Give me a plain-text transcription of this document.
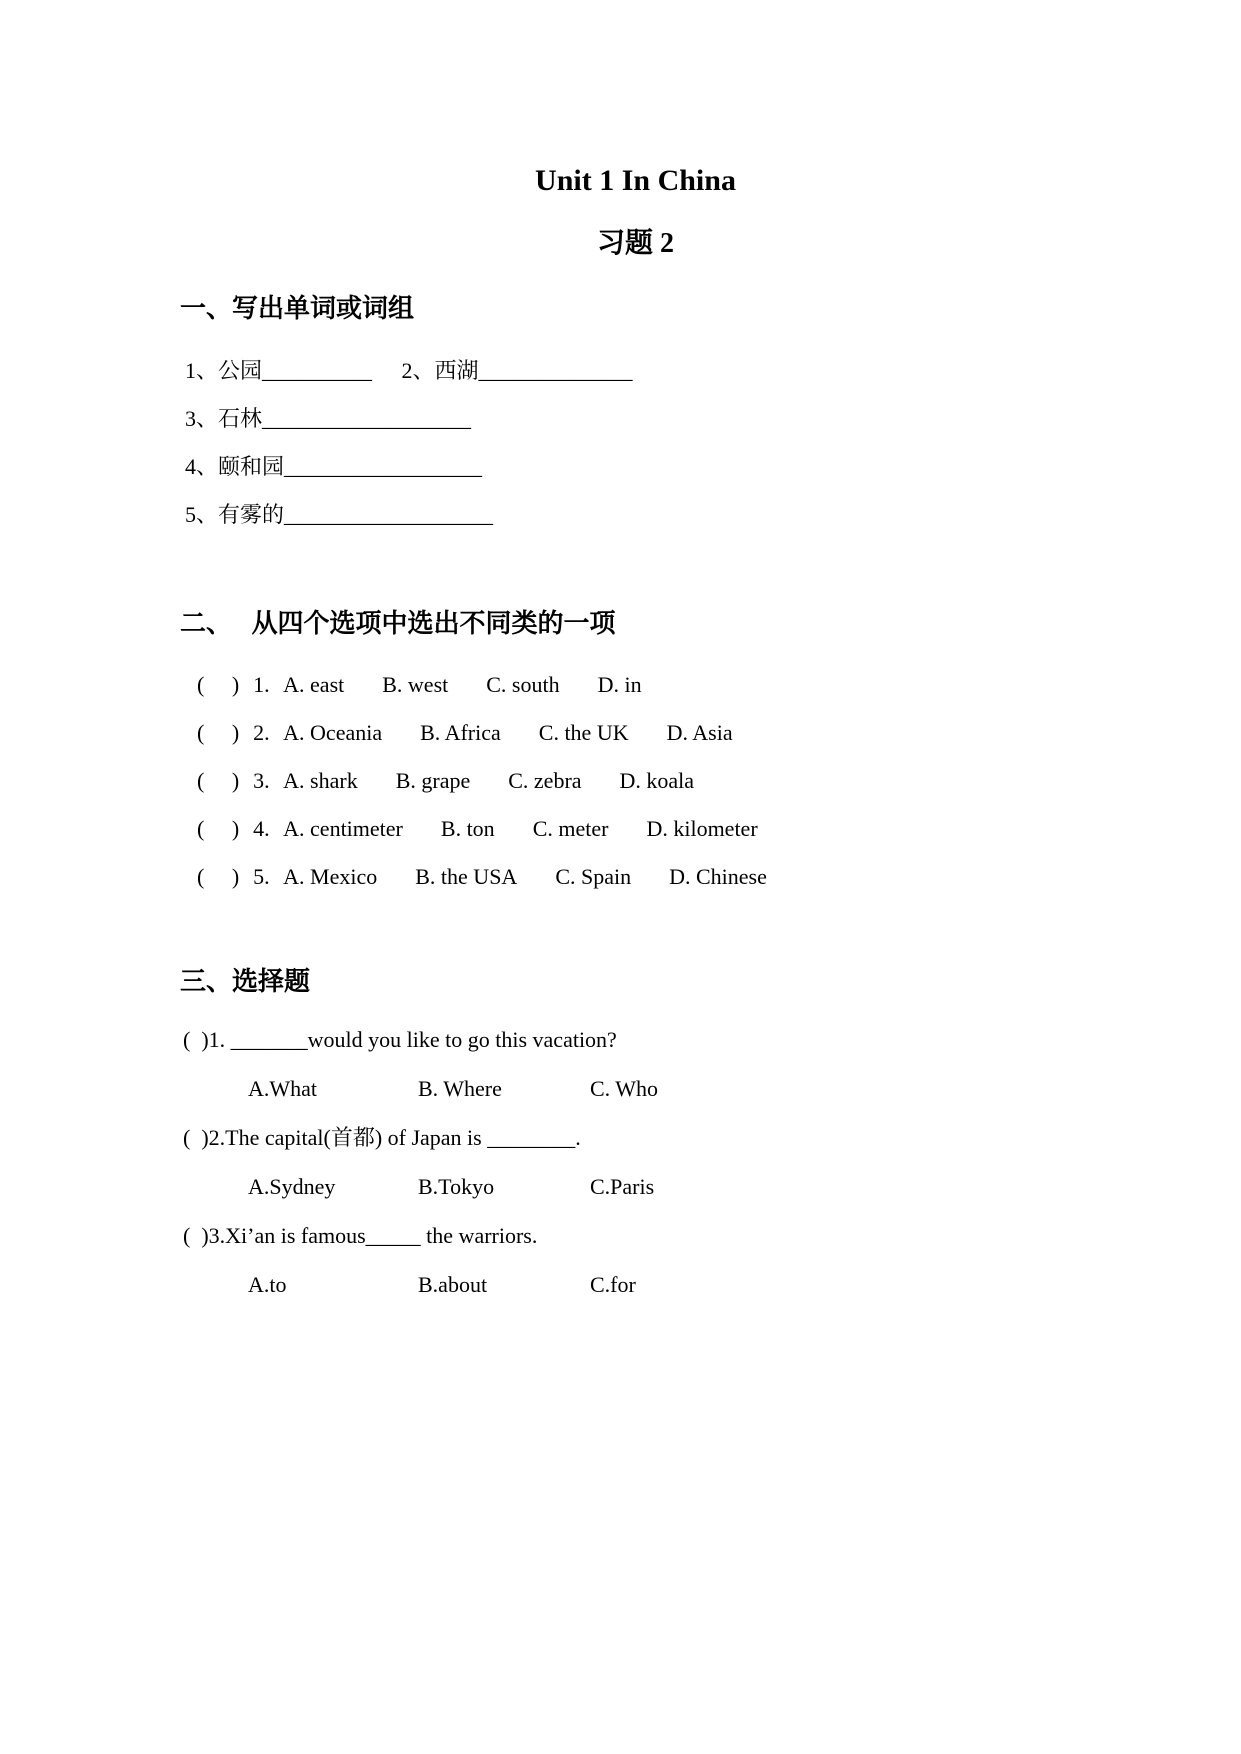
Unit 1 In China
习题 2
一、写出单词或词组

1、公园__________ 2、西湖______________

3、石林___________________

4、颐和园__________________

5、有雾的___________________

二、   从四个选项中选出不同类的一项

(     ) 1. A. east B. west C. south D. in

(     ) 2. A. Oceania B. Africa C. the UK D. Asia

(     ) 3. A. shark B. grape C. zebra D. koala

(     ) 4. A. centimeter B. ton C. meter D. kilometer

(     ) 5. A. Mexico B. the USA C. Spain D. Chinese

三、选择题

(  )1. _______would you like to go this vacation?

A.What	B. Where	C. Who

(  )2.The capital(首都) of Japan is ________.

A.Sydney	B.Tokyo	C.Paris

(  )3.Xi’an is famous_____ the warriors.

A.to	B.about	C.for
